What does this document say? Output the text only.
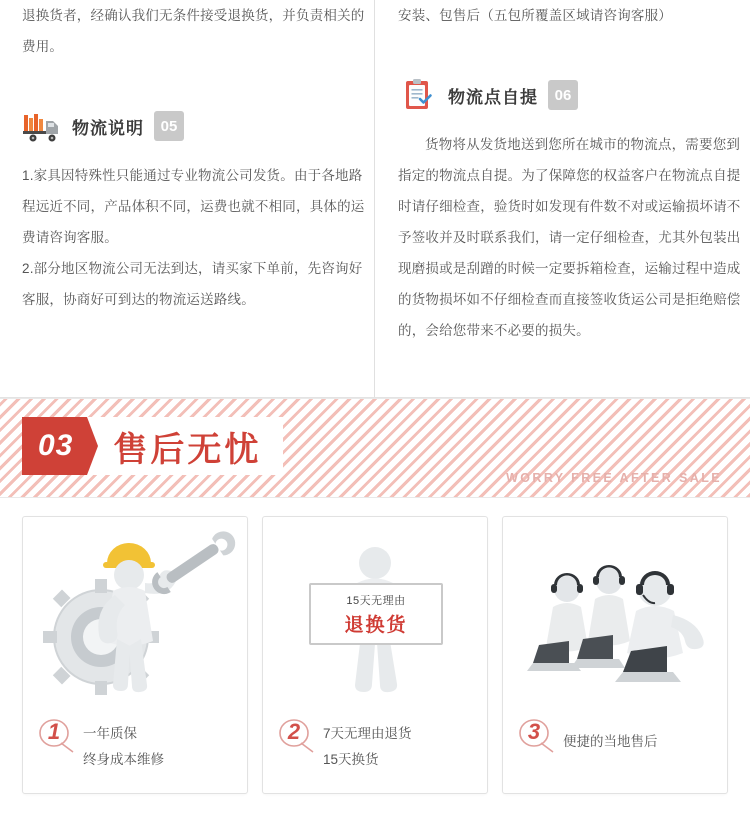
退换货者，经确认我们无条件接受退换货，并负责相关的费用。

物流说明	05

1.家具因特殊性只能通过专业物流公司发货。由于各地路程远近不同，产品体积不同，运费也就不相同，具体的运费请咨询客服。

2.部分地区物流公司无法到达，请买家下单前，先咨询好客服，协商好可到达的物流运送路线。

安装、包售后（五包所覆盖区域请咨询客服）

物流点自提	06

货物将从发货地送到您所在城市的物流点，需要您到指定的物流点自提。为了保障您的权益客户在物流点自提时请仔细检查，验货时如发现有件数不对或运输损坏请不予签收并及时联系我们，请一定仔细检查，尤其外包装出现磨损或是刮蹭的时候一定要拆箱检查，运输过程中造成的货物损坏如不仔细检查而直接签收货运公司是拒绝赔偿的，会给您带来不必要的损失。

03	售后无忧
WORRY FREE AFTER SALE
1 一年质保
终身成本维修
15天无理由
退换货
2 7天无理由退货
15天换货
3 便捷的当地售后
